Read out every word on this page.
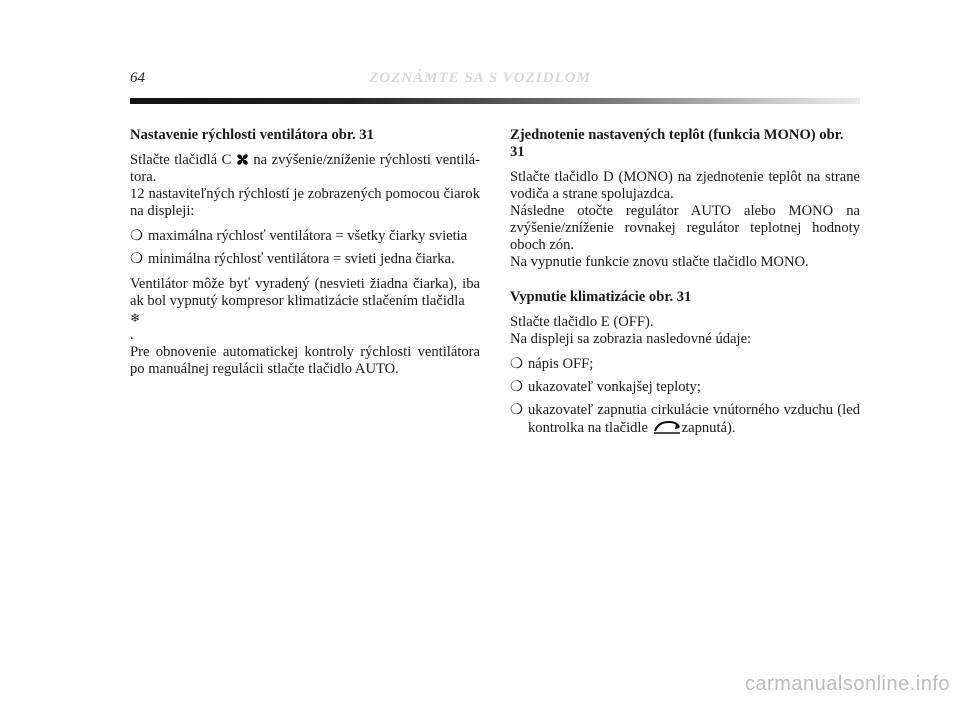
64	ZOZNÁMTE SA S VOZIDLOM
Nastavenie rýchlosti ventilátora obr. 31
Stlačte tlačidlá C na zvýšenie/zníženie rýchlosti ventilá-tora.
12 nastaviteľných rýchlostí je zobrazených pomocou čiarok na displeji:
❍ maximálna rýchlosť ventilátora = všetky čiarky svietia
❍ minimálna rýchlosť ventilátora = svieti jedna čiarka.
Ventilátor môže byť vyradený (nesvieti žiadna čiarka), iba ak bol vypnutý kompresor klimatizácie stlačením tlačidla
❄
.
Pre obnovenie automatickej kontroly rýchlosti ventilátora po manuálnej regulácii stlačte tlačidlo AUTO.
Zjednotenie nastavených teplôt (funkcia MONO) obr. 31
Stlačte tlačidlo D (MONO) na zjednotenie teplôt na strane vodiča a strane spolujazdca.
Následne otočte regulátor AUTO alebo MONO na zvýšenie/zníženie rovnakej regulátor teplotnej hodnoty oboch zón.
Na vypnutie funkcie znovu stlačte tlačidlo MONO.
Vypnutie klimatizácie obr. 31
Stlačte tlačidlo E (OFF).
Na displeji sa zobrazia nasledovné údaje:
❍ nápis OFF;
❍ ukazovateľ vonkajšej teploty;
❍ ukazovateľ zapnutia cirkulácie vnútorného vzduchu (led kontrolka na tlačidle zapnutá).
carmanualsonline.info
